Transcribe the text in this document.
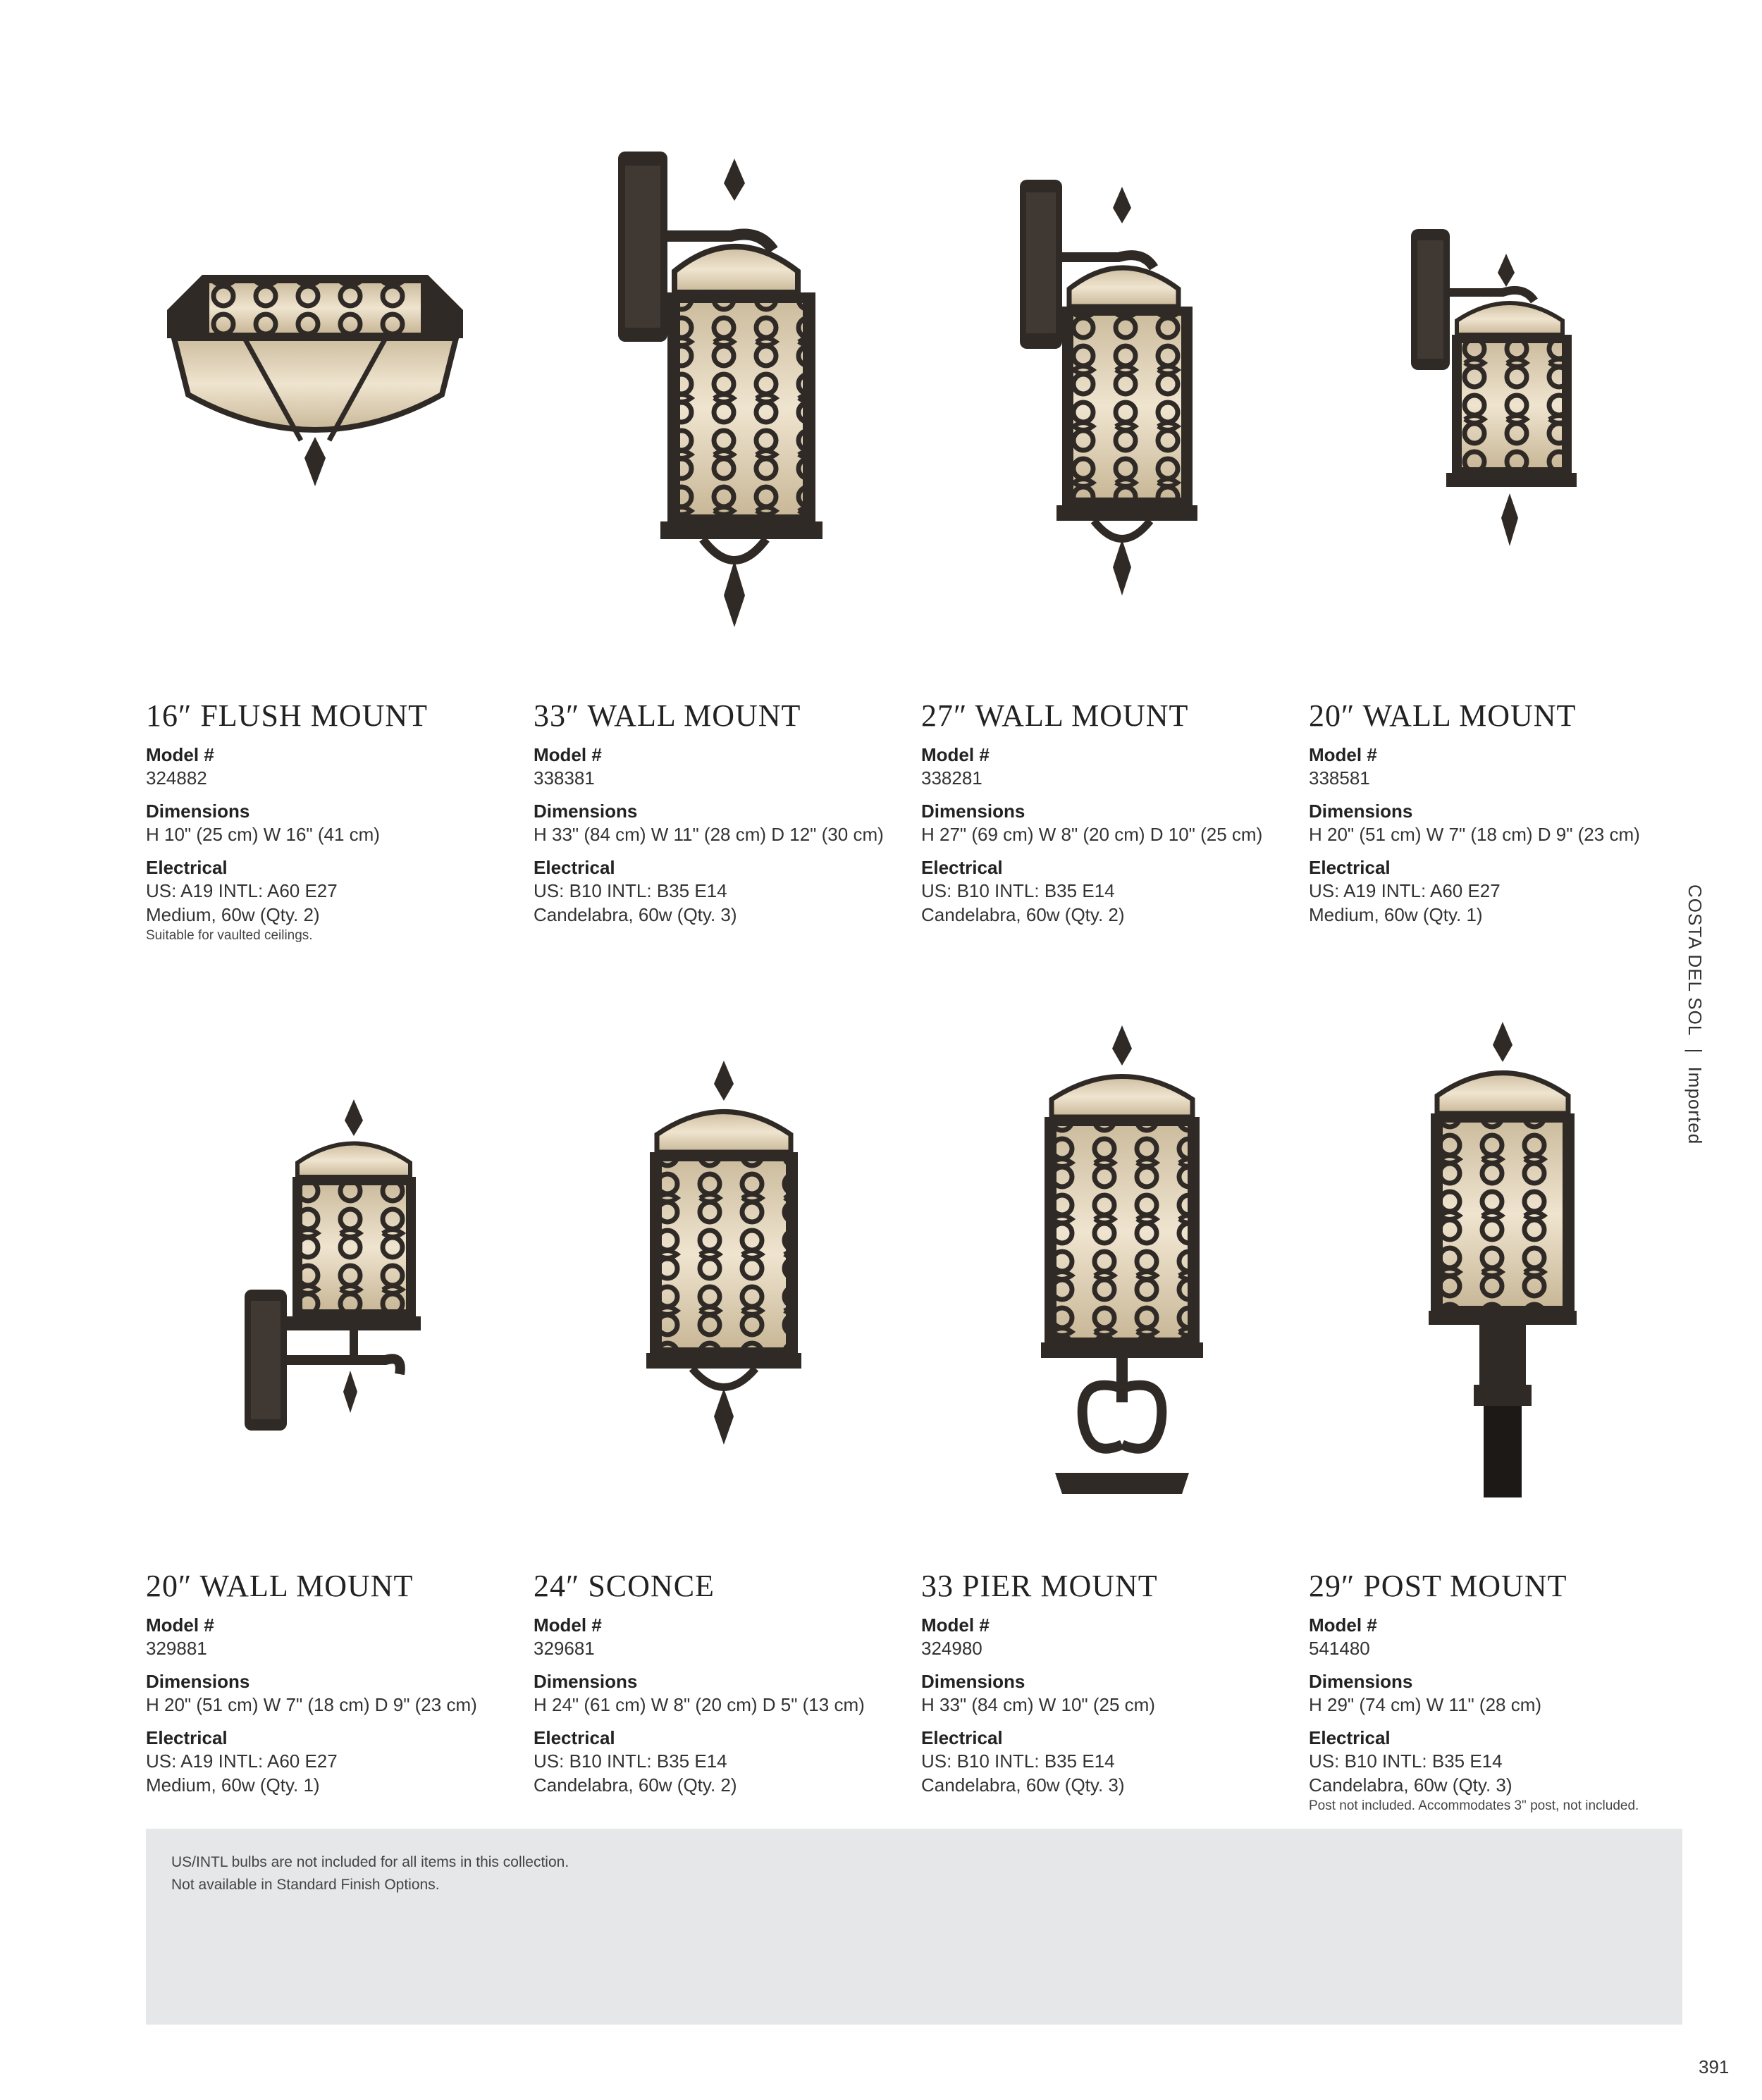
16″ FLUSH MOUNT
Model #
324882
Dimensions
H 10" (25 cm) W 16" (41 cm)
Electrical
US: A19 INTL: A60 E27
Medium, 60w (Qty. 2)
Suitable for vaulted ceilings.
33″ WALL MOUNT
Model #
338381
Dimensions
H 33" (84 cm) W 11" (28 cm) D 12" (30 cm)
Electrical
US: B10 INTL: B35 E14
Candelabra, 60w (Qty. 3)
27″ WALL MOUNT
Model #
338281
Dimensions
H 27" (69 cm) W 8" (20 cm) D 10" (25 cm)
Electrical
US: B10 INTL: B35 E14
Candelabra, 60w (Qty. 2)
20″ WALL MOUNT
Model #
338581
Dimensions
H 20" (51 cm) W 7" (18 cm) D 9" (23 cm)
Electrical
US: A19 INTL: A60 E27
Medium, 60w (Qty. 1)
20″ WALL MOUNT
Model #
329881
Dimensions
H 20" (51 cm) W 7" (18 cm) D 9" (23 cm)
Electrical
US: A19 INTL: A60 E27
Medium, 60w (Qty. 1)
24″ SCONCE
Model #
329681
Dimensions
H 24" (61 cm) W 8" (20 cm) D 5" (13 cm)
Electrical
US: B10 INTL: B35 E14
Candelabra, 60w (Qty. 2)
33 PIER MOUNT
Model #
324980
Dimensions
H 33" (84 cm) W 10" (25 cm)
Electrical
US: B10 INTL: B35 E14
Candelabra, 60w (Qty. 3)
29″ POST MOUNT
Model #
541480
Dimensions
H 29" (74 cm) W 11" (28 cm)
Electrical
US: B10 INTL: B35 E14
Candelabra, 60w (Qty. 3)
Post not included. Accommodates 3" post, not included.
US/INTL bulbs are not included for all items in this collection.
Not available in Standard Finish Options.
COSTA DEL SOL | Imported
391
